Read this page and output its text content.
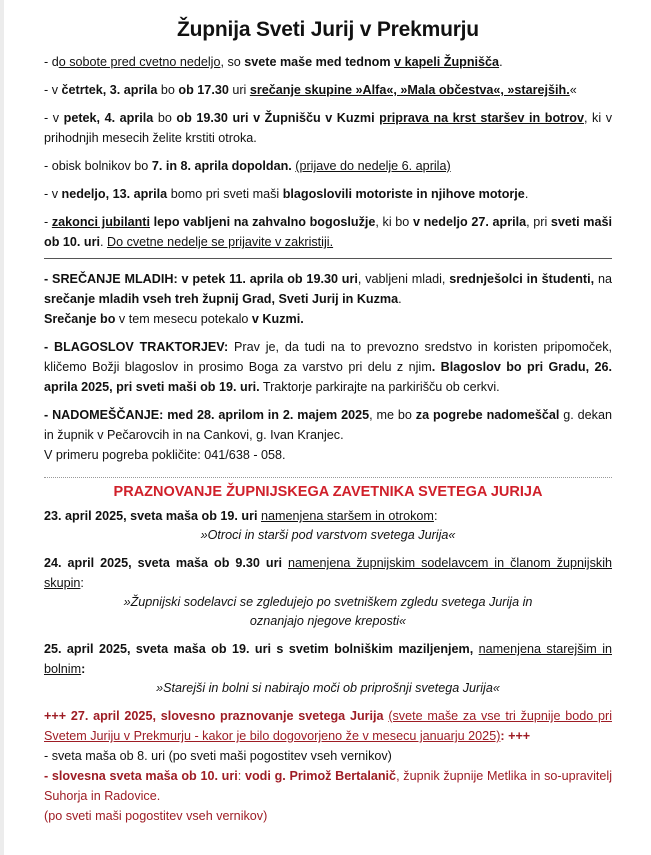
Župnija Sveti Jurij v Prekmurju

- do sobote pred cvetno nedeljo, so svete maše med tednom v kapeli Župnišča.

- v četrtek, 3. aprila bo ob 17.30 uri srečanje skupine »Alfa«, »Mala občestva«, »starejših.«

- v petek, 4. aprila bo ob 19.30 uri v Župnišču v Kuzmi priprava na krst staršev in botrov, ki v prihodnjih mesecih želite krstiti otroka.

- obisk bolnikov bo 7. in 8. aprila dopoldan. (prijave do nedelje 6. aprila)

- v nedeljo, 13. aprila bomo pri sveti maši blagoslovili motoriste in njihove motorje.

- zakonci jubilanti lepo vabljeni na zahvalno bogoslužje, ki bo v nedeljo 27. aprila, pri sveti maši ob 10. uri. Do cvetne nedelje se prijavite v zakristiji.

- SREČANJE MLADIH: v petek 11. aprila ob 19.30 uri, vabljeni mladi, srednješolci in študenti, na srečanje mladih vseh treh župnij Grad, Sveti Jurij in Kuzma.

Srečanje bo v tem mesecu potekalo v Kuzmi.

- BLAGOSLOV TRAKTORJEV: Prav je, da tudi na to prevozno sredstvo in koristen pripomoček, kličemo Božji blagoslov in prosimo Boga za varstvo pri delu z njim. Blagoslov bo pri Gradu, 26. aprila 2025, pri sveti maši ob 19. uri. Traktorje parkirajte na parkirišču ob cerkvi.

- NADOMEŠČANJE: med 28. aprilom in 2. majem 2025, me bo za pogrebe nadomeščal g. dekan in župnik v Pečarovcih in na Cankovi, g. Ivan Kranjec.

V primeru pogreba pokličite: 041/638 - 058.

PRAZNOVANJE ŽUPNIJSKEGA ZAVETNIKA SVETEGA JURIJA

23. april 2025, sveta maša ob 19. uri namenjena staršem in otrokom:

»Otroci in starši pod varstvom svetega Jurija«

24. april 2025, sveta maša ob 9.30 uri namenjena župnijskim sodelavcem in članom župnijskih skupin:

»Župnijski sodelavci se zgledujejo po svetniškem zgledu svetega Jurija in
oznanjajo njegove kreposti«

25. april 2025, sveta maša ob 19. uri s svetim bolniškim maziljenjem, namenjena starejšim in bolnim:

»Starejši in bolni si nabirajo moči ob priprošnji svetega Jurija«

+++ 27. april 2025, slovesno praznovanje svetega Jurija (svete maše za vse tri župnije bodo pri Svetem Juriju v Prekmurju - kakor je bilo dogovorjeno že v mesecu januarju 2025): +++

- sveta maša ob 8. uri (po sveti maši pogostitev vseh vernikov)

- slovesna sveta maša ob 10. uri: vodi g. Primož Bertalanič, župnik župnije Metlika in so-upravitelj Suhorja in Radovice.

(po sveti maši pogostitev vseh vernikov)
